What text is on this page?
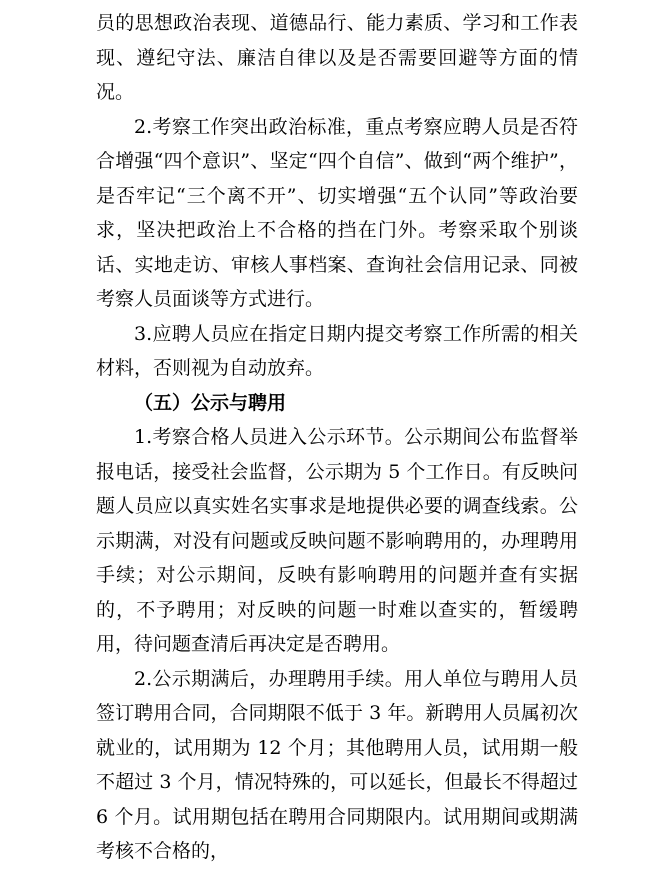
员的思想政治表现、道德品行、能力素质、学习和工作表现、遵纪守法、廉洁自律以及是否需要回避等方面的情况。

2.考察工作突出政治标准，重点考察应聘人员是否符合增强“四个意识”、坚定“四个自信”、做到“两个维护”，是否牢记“三个离不开”、切实增强“五个认同”等政治要求，坚决把政治上不合格的挡在门外。考察采取个别谈话、实地走访、审核人事档案、查询社会信用记录、同被考察人员面谈等方式进行。

3.应聘人员应在指定日期内提交考察工作所需的相关材料，否则视为自动放弃。

（五）公示与聘用

1.考察合格人员进入公示环节。公示期间公布监督举报电话，接受社会监督，公示期为 5 个工作日。有反映问题人员应以真实姓名实事求是地提供必要的调查线索。公示期满，对没有问题或反映问题不影响聘用的，办理聘用手续；对公示期间，反映有影响聘用的问题并查有实据的，不予聘用；对反映的问题一时难以查实的，暂缓聘用，待问题查清后再决定是否聘用。

2.公示期满后，办理聘用手续。用人单位与聘用人员签订聘用合同，合同期限不低于 3 年。新聘用人员属初次就业的，试用期为 12 个月；其他聘用人员，试用期一般不超过 3 个月，情况特殊的，可以延长，但最长不得超过 6 个月。试用期包括在聘用合同期限内。试用期间或期满考核不合格的，
